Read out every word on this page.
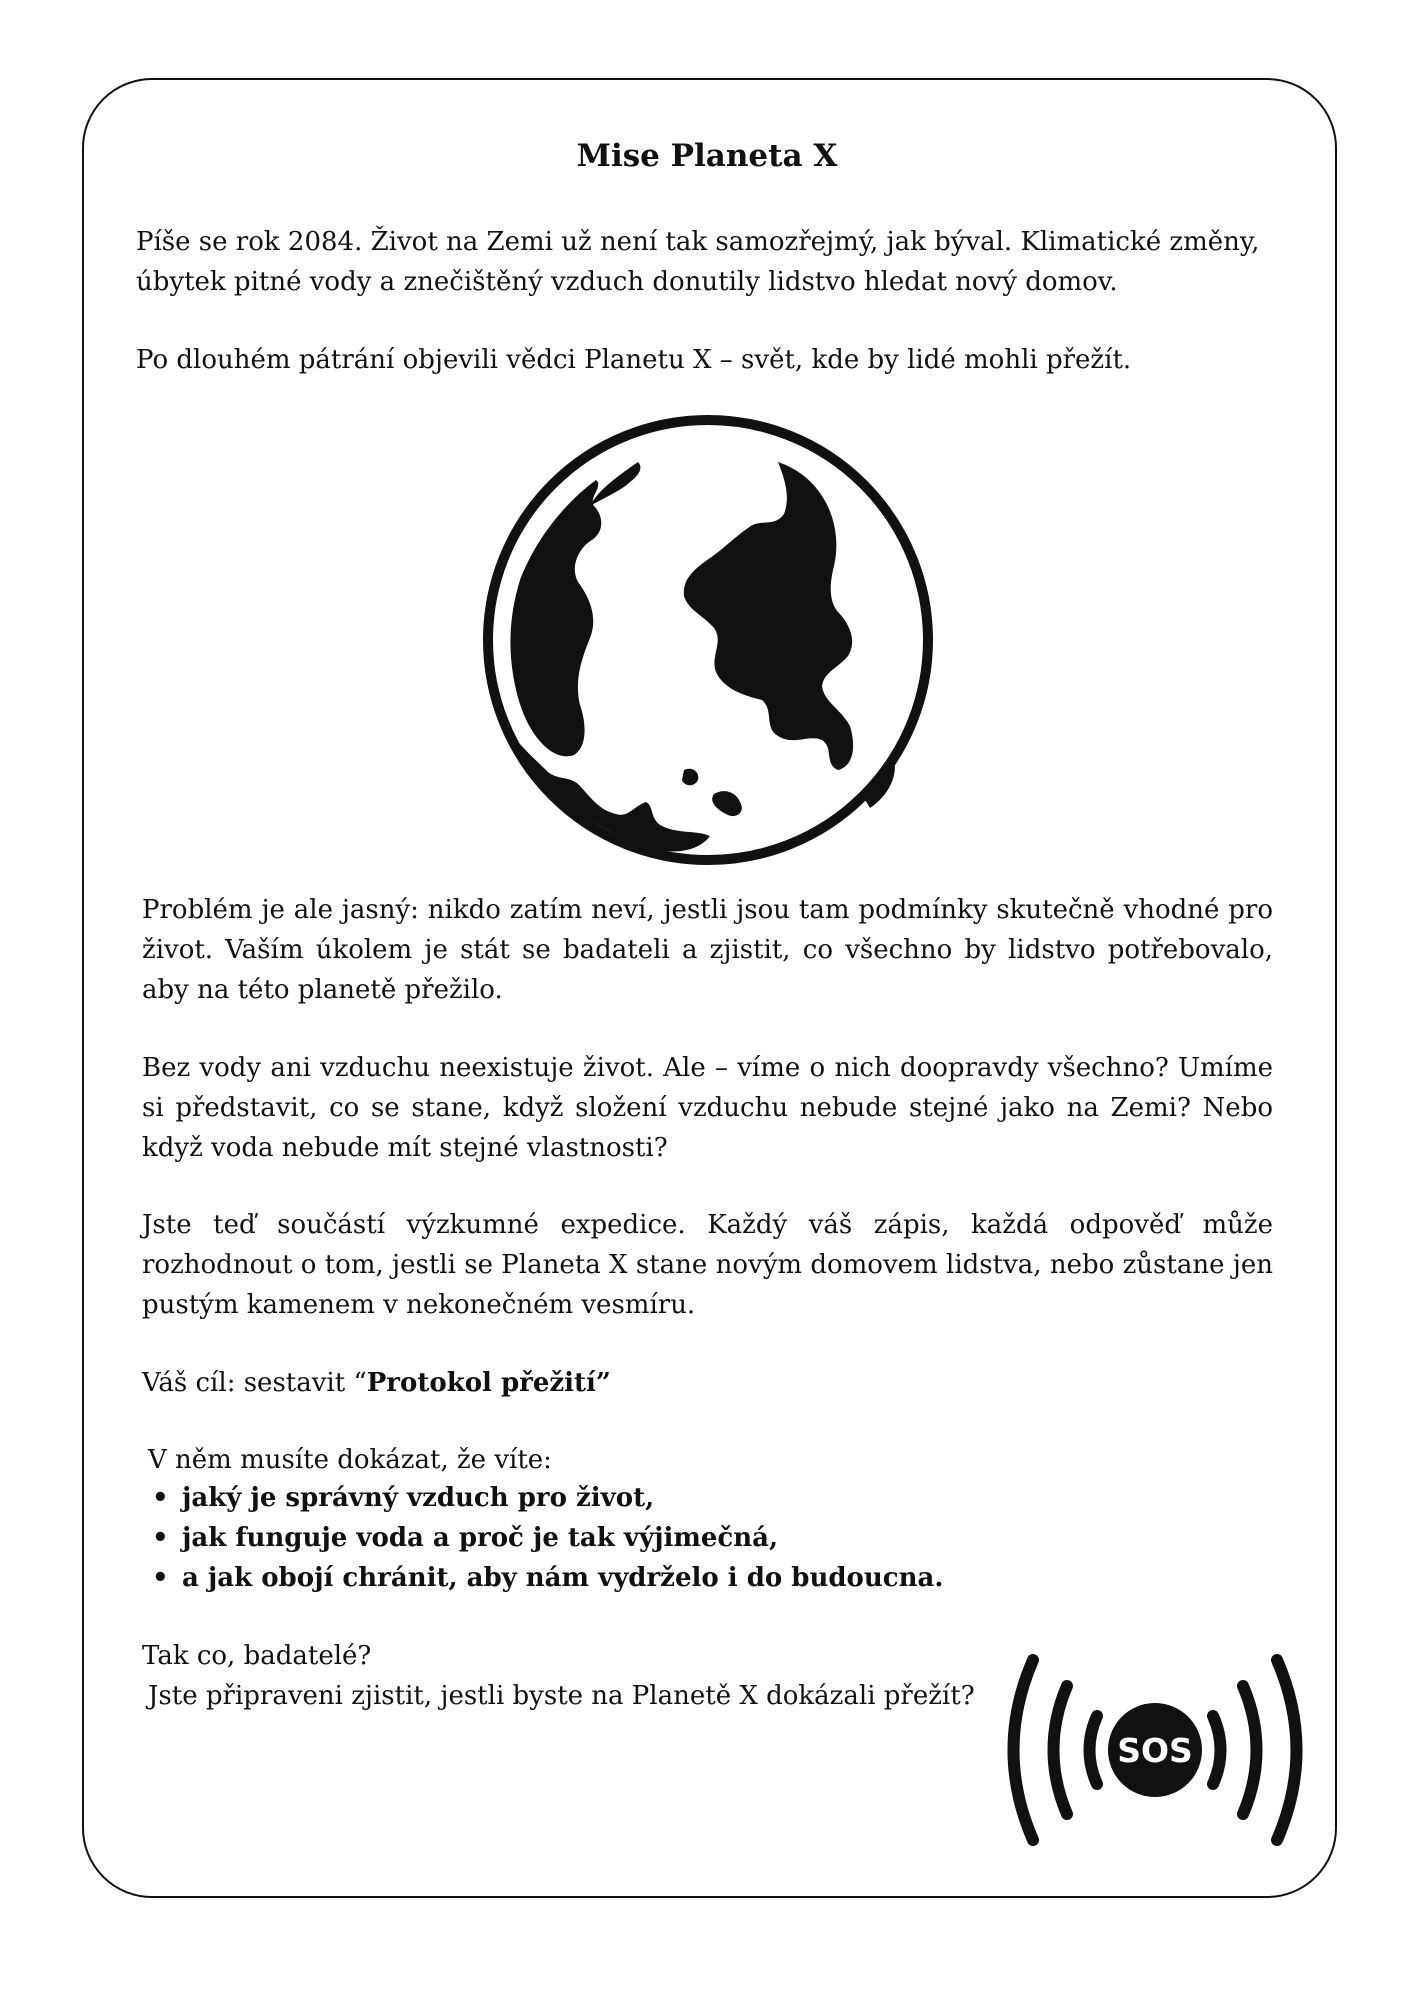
Mise Planeta X
Píše se rok 2084. Život na Zemi už není tak samozřejmý, jak býval. Klimatické změny,
úbytek pitné vody a znečištěný vzduch donutily lidstvo hledat nový domov.

Po dlouhém pátrání objevili vědci Planetu X – svět, kde by lidé mohli přežít.

Problém je ale jasný: nikdo zatím neví, jestli jsou tam podmínky skutečně vhodné pro život. Vaším úkolem je stát se badateli a zjistit, co všechno by lidstvo potřebovalo, aby na této planetě přežilo.

Bez vody ani vzduchu neexistuje život. Ale – víme o nich doopravdy všechno? Umíme si představit, co se stane, když složení vzduchu nebude stejné jako na Zemi? Nebo když voda nebude mít stejné vlastnosti?

Jste teď součástí výzkumné expedice. Každý váš zápis, každá odpověď může rozhodnout o tom, jestli se Planeta X stane novým domovem lidstva, nebo zůstane jen pustým kamenem v nekonečném vesmíru.

Váš cíl: sestavit “Protokol přežití”

V něm musíte dokázat, že víte:

• jaký je správný vzduch pro život,
• jak funguje voda a proč je tak výjimečná,
• a jak obojí chránit, aby nám vydrželo i do budoucna.
Tak co, badatelé?
Jste připraveni zjistit, jestli byste na Planetě X dokázali přežít?
SOS
